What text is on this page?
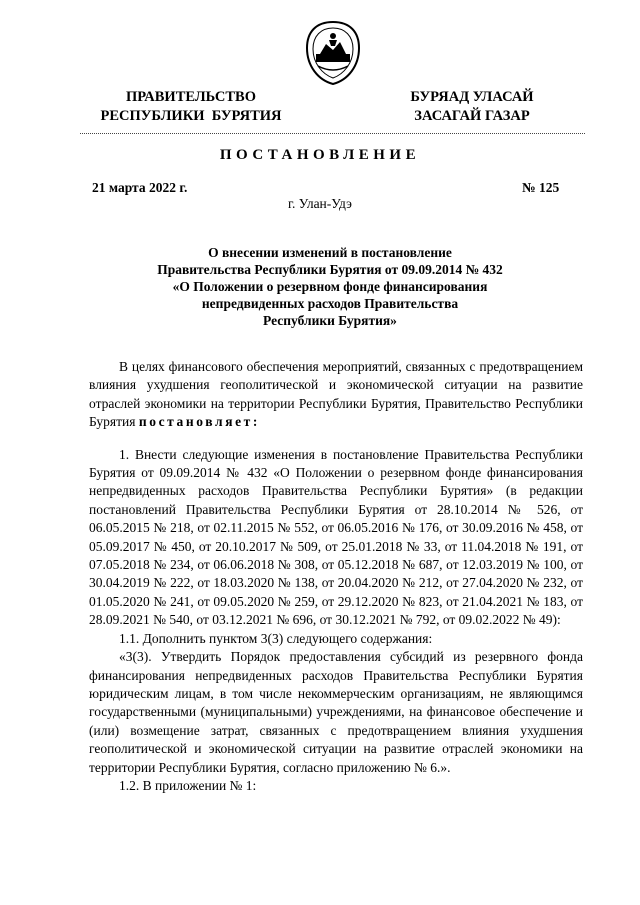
ПРАВИТЕЛЬСТВО
РЕСПУБЛИКИ  БУРЯТИЯ
БУРЯАД УЛАСАЙ
ЗАСАГАЙ ГАЗАР
ПОСТАНОВЛЕНИЕ
21 марта 2022 г.	№ 125
г. Улан-Удэ
О внесении изменений в постановление
Правительства Республики Бурятия от 09.09.2014 № 432
«О Положении о резервном фонде финансирования
непредвиденных расходов Правительства
Республики Бурятия»

В целях финансового обеспечения мероприятий, связанных с предотвращением влияния ухудшения геополитической и экономической ситуации на развитие отраслей экономики на территории Республики Бурятия, Правительство Республики Бурятия постановляет:

1. Внести следующие изменения в постановление Правительства Республики Бурятия от 09.09.2014 № 432 «О Положении о резервном фонде финансирования непредвиденных расходов Правительства Республики Бурятия» (в редакции постановлений Правительства Республики Бурятия от 28.10.2014 № 526, от 06.05.2015 № 218, от 02.11.2015 № 552, от 06.05.2016 № 176, от 30.09.2016 № 458, от 05.09.2017 № 450, от 20.10.2017 № 509, от 25.01.2018 № 33, от 11.04.2018 № 191, от 07.05.2018 № 234, от 06.06.2018 № 308, от 05.12.2018 № 687, от 12.03.2019 № 100, от 30.04.2019 № 222, от 18.03.2020 № 138, от 20.04.2020 № 212, от 27.04.2020 № 232, от 01.05.2020 № 241, от 09.05.2020 № 259, от 29.12.2020 № 823, от 21.04.2021 № 183, от 28.09.2021 № 540, от 03.12.2021 № 696, от 30.12.2021 № 792, от 09.02.2022 № 49):

1.1. Дополнить пунктом 3(3) следующего содержания:

«3(3). Утвердить Порядок предоставления субсидий из резервного фонда финансирования непредвиденных расходов Правительства Республики Бурятия юридическим лицам, в том числе некоммерческим организациям, не являющимся государственными (муниципальными) учреждениями, на финансовое обеспечение и (или) возмещение затрат, связанных с предотвращением влияния ухудшения геополитической и экономической ситуации на развитие отраслей экономики на территории Республики Бурятия, согласно приложению № 6.».

1.2. В приложении № 1:
